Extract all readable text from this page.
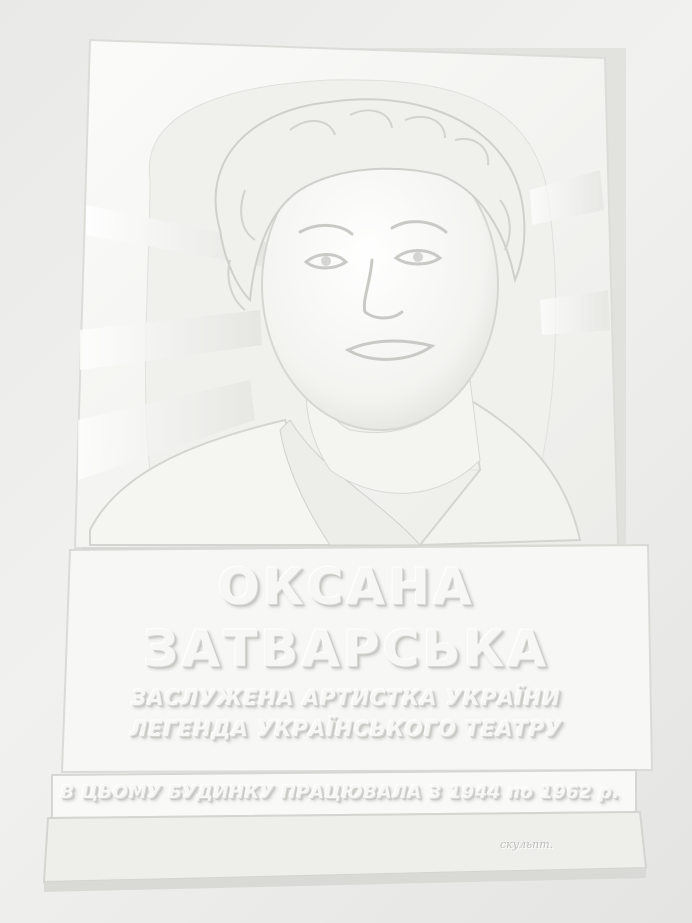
ОКСАНА
ЗАТВАРСЬКА
ЗАСЛУЖЕНА АРТИСТКА УКРАЇНИ
ЛЕГЕНДА УКРАЇНСЬКОГО ТЕАТРУ
В ЦЬОМУ БУДИНКУ ПРАЦЮВАЛА З 1944 по 1962 р.
скульпт.
